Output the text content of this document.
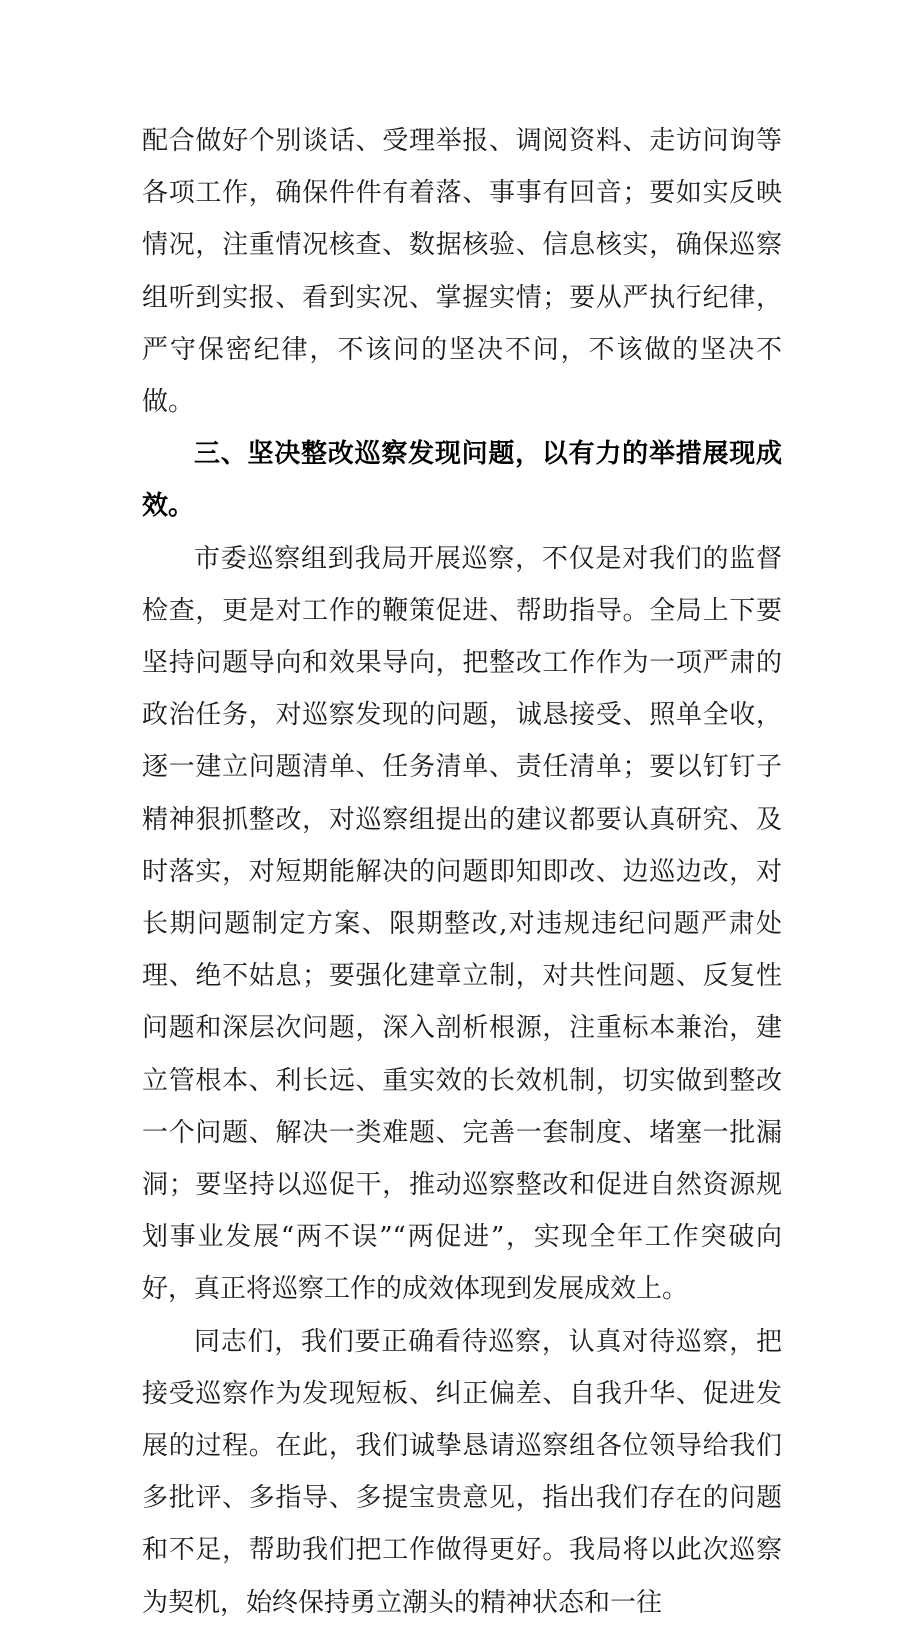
配合做好个别谈话、受理举报、调阅资料、走访问询等各项工作，确保件件有着落、事事有回音；要如实反映情况，注重情况核查、数据核验、信息核实，确保巡察组听到实报、看到实况、掌握实情；要从严执行纪律，严守保密纪律，不该问的坚决不问，不该做的坚决不做。

三、坚决整改巡察发现问题，以有力的举措展现成效。

市委巡察组到我局开展巡察，不仅是对我们的监督检查，更是对工作的鞭策促进、帮助指导。全局上下要坚持问题导向和效果导向，把整改工作作为一项严肃的政治任务，对巡察发现的问题，诚恳接受、照单全收，逐一建立问题清单、任务清单、责任清单；要以钉钉子精神狠抓整改，对巡察组提出的建议都要认真研究、及时落实，对短期能解决的问题即知即改、边巡边改，对长期问题制定方案、限期整改,对违规违纪问题严肃处理、绝不姑息；要强化建章立制，对共性问题、反复性问题和深层次问题，深入剖析根源，注重标本兼治，建立管根本、利长远、重实效的长效机制，切实做到整改一个问题、解决一类难题、完善一套制度、堵塞一批漏洞；要坚持以巡促干，推动巡察整改和促进自然资源规划事业发展“两不误”“两促进”，实现全年工作突破向好，真正将巡察工作的成效体现到发展成效上。

同志们，我们要正确看待巡察，认真对待巡察，把接受巡察作为发现短板、纠正偏差、自我升华、促进发展的过程。在此，我们诚挚恳请巡察组各位领导给我们多批评、多指导、多提宝贵意见，指出我们存在的问题和不足，帮助我们把工作做得更好。我局将以此次巡察为契机，始终保持勇立潮头的精神状态和一往
